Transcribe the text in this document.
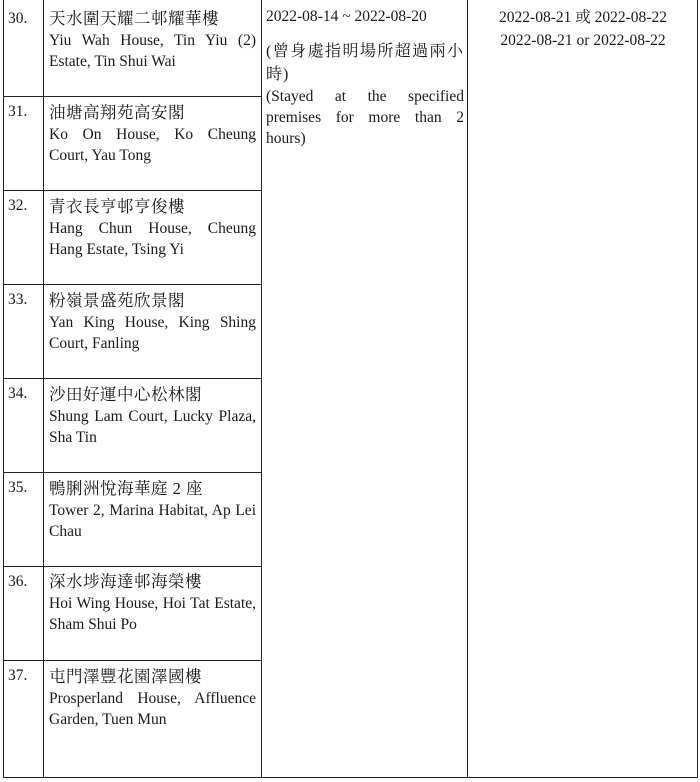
30. 天水圍天耀二邨耀華樓
Yiu Wah House, Tin Yiu (2) Estate, Tin Shui Wai
31. 油塘高翔苑高安閣
Ko On House, Ko Cheung Court, Yau Tong
32. 青衣長亨邨亨俊樓
Hang Chun House, Cheung Hang Estate, Tsing Yi
33. 粉嶺景盛苑欣景閣
Yan King House, King Shing Court, Fanling
34. 沙田好運中心松林閣
Shung Lam Court, Lucky Plaza, Sha Tin
35. 鴨脷洲悅海華庭 2 座
Tower 2, Marina Habitat, Ap Lei Chau
36. 深水埗海達邨海榮樓
Hoi Wing House, Hoi Tat Estate, Sham Shui Po
37. 屯門澤豐花園澤國樓
Prosperland House, Affluence Garden, Tuen Mun
2022-08-14 ~ 2022-08-20
(曾身處指明場所超過兩小時)
(Stayed at the specified premises for more than 2 hours)
2022-08-21 或 2022-08-22
2022-08-21 or 2022-08-22
